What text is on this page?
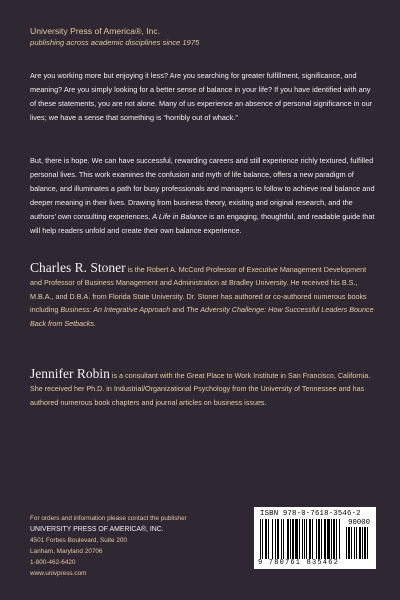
University Press of America®, Inc.
publishing across academic disciplines since 1975

Are you working more but enjoying it less? Are you searching for greater fulfillment, significance, and meaning? Are you simply looking for a better sense of balance in your life? If you have identified with any of these statements, you are not alone. Many of us experience an absence of personal significance in our lives; we have a sense that something is “horribly out of whack.”

But, there is hope. We can have successful, rewarding careers and still experience richly textured, fulfilled personal lives. This work examines the confusion and myth of life balance, offers a new paradigm of balance, and illuminates a path for busy professionals and managers to follow to achieve real balance and deeper meaning in their lives. Drawing from business theory, existing and original research, and the authors’ own consulting experiences, A Life in Balance is an engaging, thoughtful, and readable guide that will help readers unfold and create their own balance experience.

Charles R. Stoner is the Robert A. McCord Professor of Executive Management Development and Professor of Business Management and Administration at Bradley University. He received his B.S., M.B.A., and D.B.A. from Florida State University. Dr. Stoner has authored or co-authored numerous books including Business: An Integrative Approach and The Adversity Challenge: How Successful Leaders Bounce Back from Setbacks.

Jennifer Robin is a consultant with the Great Place to Work Institute in San Francisco, California. She received her Ph.D. in Industrial/Organizational Psychology from the University of Tennessee and has authored numerous book chapters and journal articles on business issues.

For orders and information please contact the publisher
UNIVERSITY PRESS OF AMERICA®, INC.
4501 Forbes Boulevard, Suite 200
Lanham, Maryland 20706
1-800-462-6420
www.univpress.com
ISBN 978-0-7618-3546-2
90000
9 780761 835462
